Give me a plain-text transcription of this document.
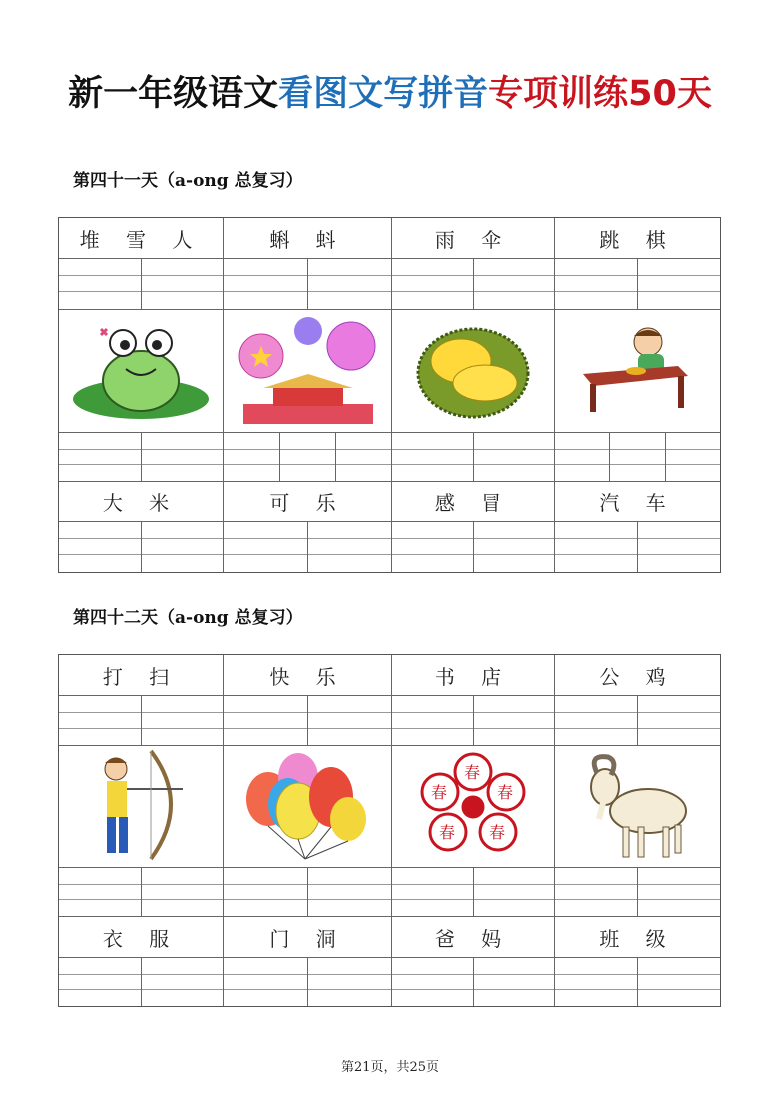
新一年级语文看图文写拼音专项训练50天
第四十一天（a-ong 总复习）
堆 雪 人	蝌 蚪	雨 伞	跳 棋
大 米	可 乐	感 冒	汽 车
第四十二天（a-ong 总复习）
打 扫	快 乐	书 店	公 鸡
春
春
春
春
春
衣 服	门 洞	爸 妈	班 级
第21页，共25页
